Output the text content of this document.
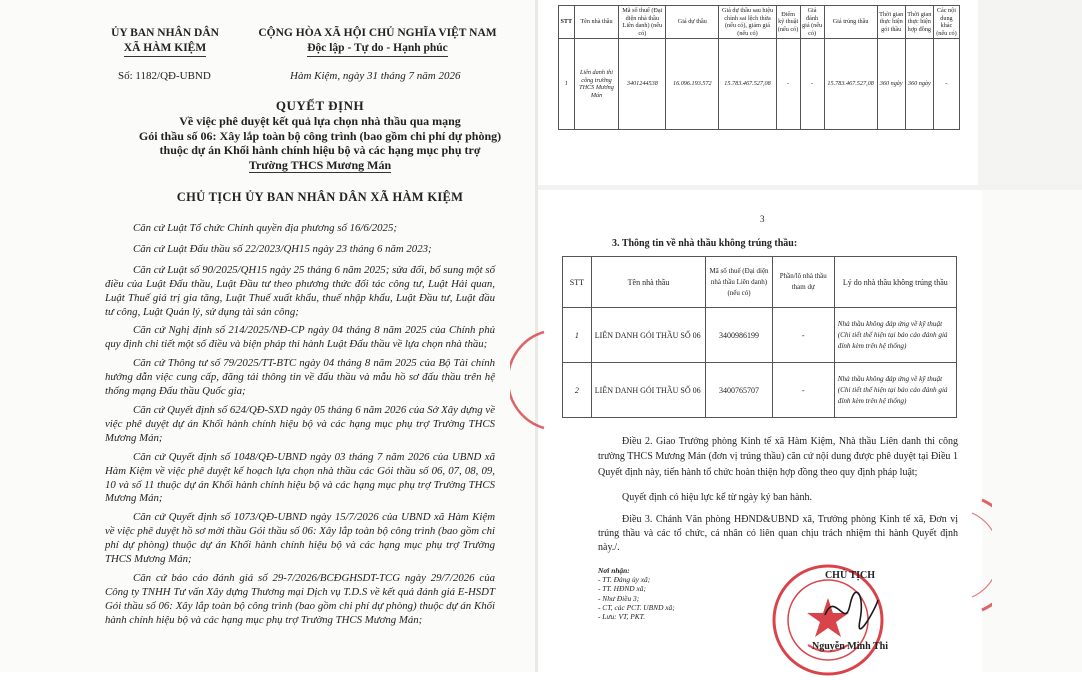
ỦY BAN NHÂN DÂN
XÃ HÀM KIỆM
CỘNG HÒA XÃ HỘI CHỦ NGHĨA VIỆT NAM
Độc lập - Tự do - Hạnh phúc
Số: 1182/QĐ-UBND	Hàm Kiệm, ngày 31 tháng 7 năm 2026
QUYẾT ĐỊNH
Về việc phê duyệt kết quả lựa chọn nhà thầu qua mạng
Gói thầu số 06: Xây lắp toàn bộ công trình (bao gồm chi phí dự phòng)
thuộc dự án Khối hành chính hiệu bộ và các hạng mục phụ trợ
Trường THCS Mương Mán
CHỦ TỊCH ỦY BAN NHÂN DÂN XÃ HÀM KIỆM

Căn cứ Luật Tổ chức Chính quyền địa phương số 16/6/2025;

Căn cứ Luật Đấu thầu số 22/2023/QH15 ngày 23 tháng 6 năm 2023;

Căn cứ Luật số 90/2025/QH15 ngày 25 tháng 6 năm 2025; sửa đổi, bổ sung một số điều của Luật Đấu thầu, Luật Đầu tư theo phương thức đối tác công tư, Luật Hải quan, Luật Thuế giá trị gia tăng, Luật Thuế xuất khẩu, thuế nhập khẩu, Luật Đầu tư, Luật đầu tư công, Luật Quản lý, sử dụng tài sản công;

Căn cứ Nghị định số 214/2025/NĐ-CP ngày 04 tháng 8 năm 2025 của Chính phủ quy định chi tiết một số điều và biện pháp thi hành Luật Đấu thầu về lựa chọn nhà thầu;

Căn cứ Thông tư số 79/2025/TT-BTC ngày 04 tháng 8 năm 2025 của Bộ Tài chính hướng dẫn việc cung cấp, đăng tải thông tin về đấu thầu và mẫu hồ sơ đấu thầu trên hệ thống mạng Đấu thầu Quốc gia;

Căn cứ Quyết định số 624/QĐ-SXD ngày 05 tháng 6 năm 2026 của Sở Xây dựng về việc phê duyệt dự án Khối hành chính hiệu bộ và các hạng mục phụ trợ Trường THCS Mương Mán;

Căn cứ Quyết định số 1048/QĐ-UBND ngày 03 tháng 7 năm 2026 của UBND xã Hàm Kiệm về việc phê duyệt kế hoạch lựa chọn nhà thầu các Gói thầu số 06, 07, 08, 09, 10 và số 11 thuộc dự án Khối hành chính hiệu bộ và các hạng mục phụ trợ Trường THCS Mương Mán;

Căn cứ Quyết định số 1073/QĐ-UBND ngày 15/7/2026 của UBND xã Hàm Kiệm về việc phê duyệt hồ sơ mời thầu Gói thầu số 06: Xây lắp toàn bộ công trình (bao gồm chi phí dự phòng) thuộc dự án Khối hành chính hiệu bộ và các hạng mục phụ trợ Trường THCS Mương Mán;

Căn cứ báo cáo đánh giá số 29-7/2026/BCĐGHSDT-TCG ngày 29/7/2026 của Công ty TNHH Tư vấn Xây dựng Thương mại Dịch vụ T.D.S về kết quả đánh giá E-HSDT Gói thầu số 06: Xây lắp toàn bộ công trình (bao gồm chi phí dự phòng) thuộc dự án Khối hành chính hiệu bộ và các hạng mục phụ trợ Trường THCS Mương Mán;

STT	Tên nhà thầu	Mã số thuế (Đại diện nhà thầu Liên danh) (nếu có)	Giá dự thầu	Giá dự thầu sau hiệu chỉnh sai lệch thừa (nếu có), giảm giá (nếu có)	Điểm kỹ thuật (nếu có)	Giá đánh giá (nếu có)	Giá trúng thầu	Thời gian thực hiện gói thầu	Thời gian thực hiện hợp đồng	Các nội dung khác (nếu có)
1	Liên danh thi công trường THCS Mương Mán	3401244538	16.096.193.572	15.783.467.527,08	-	-	15.783.467.527,08	360 ngày	360 ngày	-
3
3. Thông tin về nhà thầu không trúng thầu:
STT	Tên nhà thầu	Mã số thuế (Đại diện nhà thầu Liên danh) (nếu có)	Phần/lô nhà thầu tham dự	Lý do nhà thầu không trúng thầu
1	LIÊN DANH GÓI THẦU SỐ 06	3400986199	-	Nhà thầu không đáp ứng về kỹ thuật (Chi tiết thể hiện tại báo cáo đánh giá đính kèm trên hệ thống)
2	LIÊN DANH GÓI THẦU SỐ 06	3400765707	-	Nhà thầu không đáp ứng về kỹ thuật (Chi tiết thể hiện tại báo cáo đánh giá đính kèm trên hệ thống)

Điều 2. Giao Trưởng phòng Kinh tế xã Hàm Kiệm, Nhà thầu Liên danh thi công trường THCS Mương Mán (đơn vị trúng thầu) căn cứ nội dung được phê duyệt tại Điều 1 Quyết định này, tiến hành tổ chức hoàn thiện hợp đồng theo quy định pháp luật;

Quyết định có hiệu lực kể từ ngày ký ban hành.

Điều 3. Chánh Văn phòng HĐND&UBND xã, Trưởng phòng Kinh tế xã, Đơn vị trúng thầu và các tổ chức, cá nhân có liên quan chịu trách nhiệm thi hành Quyết định này./.

Nơi nhận:
- TT. Đảng ủy xã;
- TT. HĐND xã;
- Như Điều 3;
- CT, các PCT. UBND xã;
- Lưu: VT, PKT.
CHỦ TỊCH
Nguyễn Minh Thi
